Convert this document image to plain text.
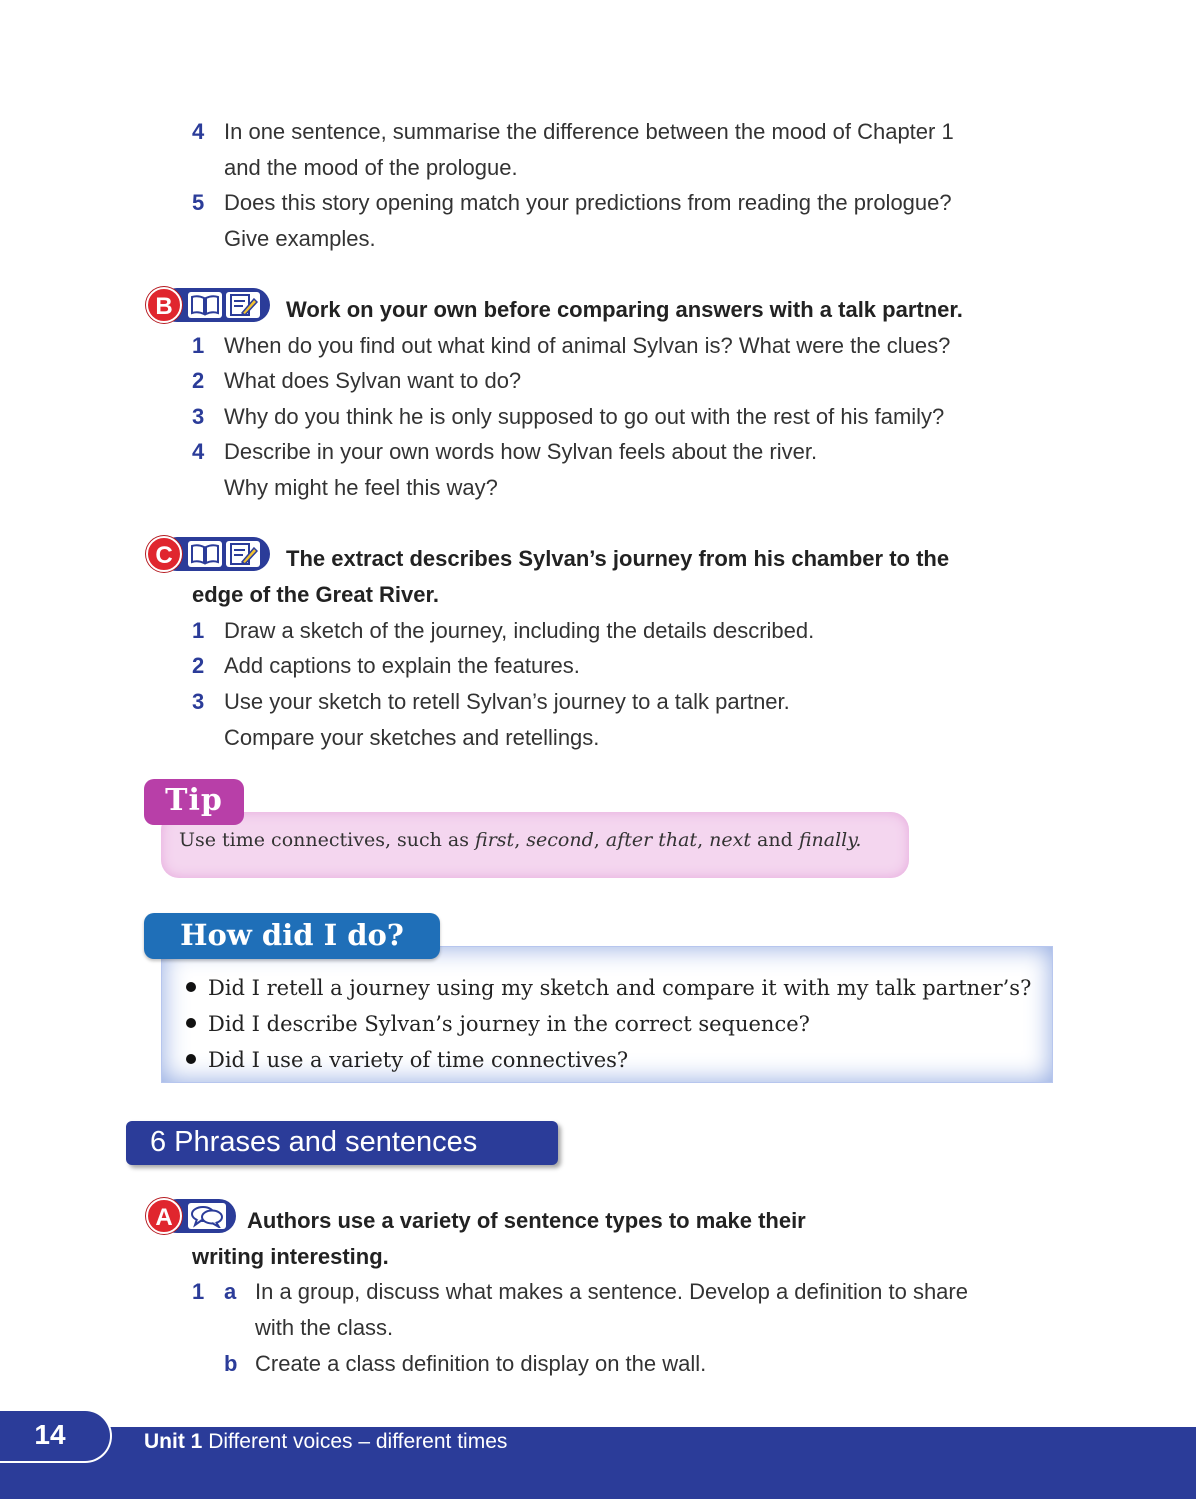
4 In one sentence, summarise the difference between the mood of Chapter 1
and the mood of the prologue.
5 Does this story opening match your predictions from reading the prologue?
Give examples.
B	Work on your own before comparing answers with a talk partner.
1 When do you find out what kind of animal Sylvan is? What were the clues?
2 What does Sylvan want to do?
3 Why do you think he is only supposed to go out with the rest of his family?
4 Describe in your own words how Sylvan feels about the river.
Why might he feel this way?
C	The extract describes Sylvan’s journey from his chamber to the
edge of the Great River.
1 Draw a sketch of the journey, including the details described.
2 Add captions to explain the features.
3 Use your sketch to retell Sylvan’s journey to a talk partner.
Compare your sketches and retellings.
Tip
Use time connectives, such as first, second, after that, next and finally.
How did I do?
Did I retell a journey using my sketch and compare it with my talk partner’s?
Did I describe Sylvan’s journey in the correct sequence?
Did I use a variety of time connectives?
6 Phrases and sentences
A	Authors use a variety of sentence types to make their
writing interesting.
1 a In a group, discuss what makes a sentence. Develop a definition to share
with the class.
b Create a class definition to display on the wall.
14	Unit 1 Different voices – different times
